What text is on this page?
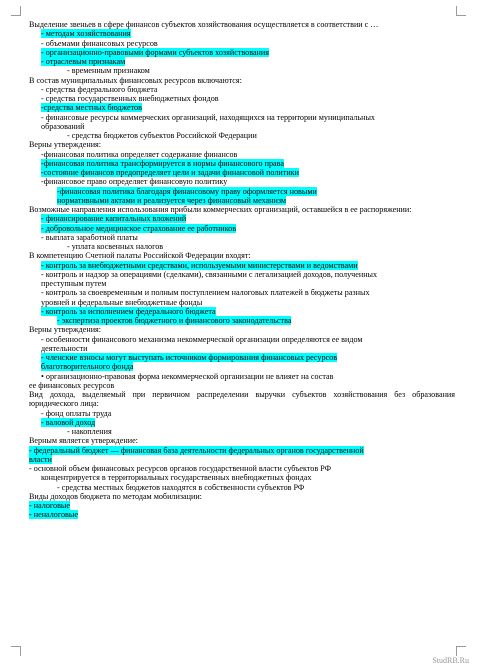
Выделение звеньев в сфере финансов субъектов хозяйствования осуществляется в соответствии с …
- методам хозяйствования
- объемами финансовых ресурсов
- организационно-правовыми формами субъектов хозяйствования
- отраслевым признакам
- временным признаком
В состав муниципальных финансовых ресурсов включаются:
- средства федерального бюджета
- средства государственных внебюджетных фондов
-средства местных бюджетов
- финансовые ресурсы коммерческих организаций, находящихся на территории муниципальных
образований
- средства бюджетов субъектов Российской Федерации
Верны утверждения:
-финансовая политика определяет содержание финансов
-финансовая политика трансформируется в нормы финансового права
-состояние финансов предопределяет цели и задачи финансовой политики
-финансовое право определяет финансовую политику
-финансовая политика благодаря финансовому праву оформляется новыми
нормативными актами и реализуется через финансовый механизм
Возможные направления использования прибыли коммерческих организаций, оставшейся в ее распоряжении:
- финансирование капитальных вложений
- добровольное медицинское страхование ее работников
- выплата заработной платы
- уплата косвенных налогов
В компетенцию Счетной палаты Российской Федерации входят:
- контроль за внебюджетными средствами, используемыми министерствами и ведомствами
- контроль и надзор за операциями (сделками), связанными с легализацией доходов, полученных
преступным путем
- контроль за своевременным и полным поступлением налоговых платежей в бюджеты разных
уровней и федеральные внебюджетные фонды
- контроль за исполнением федерального бюджета
- экспертиза проектов бюджетного и финансового законодательства
Верны утверждения:
- особенности финансового механизма некоммерческой организации определяются ее видом
деятельности
- членские взносы могут выступать источником формирования финансовых ресурсов
благотворительного фонда
• организационно-правовая форма некоммерческой организации не влияет на состав
ее финансовых ресурсов
Вид дохода, выделяемый при первичном распределении выручки субъектов хозяйствования без образования юридического лица:
- фонд оплаты труда
- валовой доход
- накопления
Верным является утверждение:
- федеральный бюджет — финансовая база деятельности федеральных органов государственной
власти
- основной объем финансовых ресурсов органов государственной власти субъектов РФ
концентрируется в территориальных государственных внебюджетных фондах
- средства местных бюджетов находятся в собственности субъектов РФ
Виды доходов бюджета по методам мобилизации:
- налоговые
- неналоговые
StudRB.Ru
